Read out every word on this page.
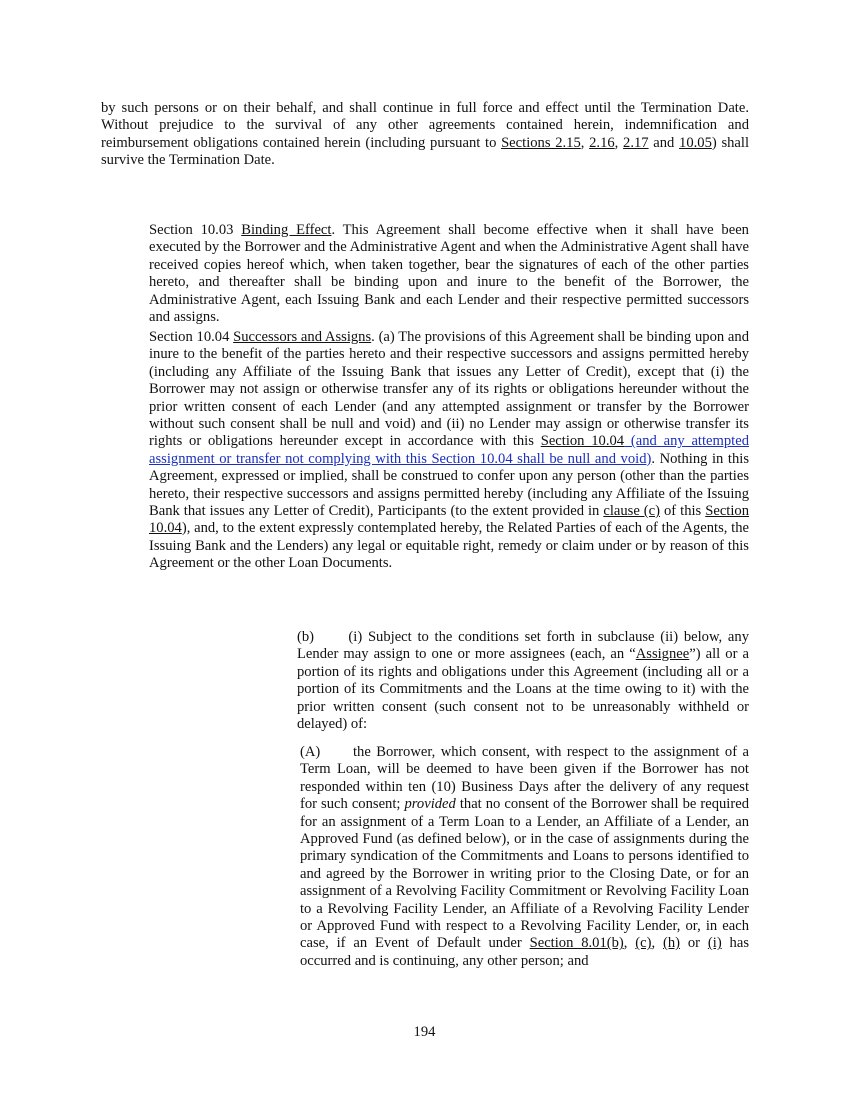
by such persons or on their behalf, and shall continue in full force and effect until the Termination Date. Without prejudice to the survival of any other agreements contained herein, indemnification and reimbursement obligations contained herein (including pursuant to Sections 2.15, 2.16, 2.17 and 10.05) shall survive the Termination Date.

Section 10.03 Binding Effect. This Agreement shall become effective when it shall have been executed by the Borrower and the Administrative Agent and when the Administrative Agent shall have received copies hereof which, when taken together, bear the signatures of each of the other parties hereto, and thereafter shall be binding upon and inure to the benefit of the Borrower, the Administrative Agent, each Issuing Bank and each Lender and their respective permitted successors and assigns.

Section 10.04 Successors and Assigns. (a) The provisions of this Agreement shall be binding upon and inure to the benefit of the parties hereto and their respective successors and assigns permitted hereby (including any Affiliate of the Issuing Bank that issues any Letter of Credit), except that (i) the Borrower may not assign or otherwise transfer any of its rights or obligations hereunder without the prior written consent of each Lender (and any attempted assignment or transfer by the Borrower without such consent shall be null and void) and (ii) no Lender may assign or otherwise transfer its rights or obligations hereunder except in accordance with this Section 10.04 (and any attempted assignment or transfer not complying with this Section 10.04 shall be null and void). Nothing in this Agreement, expressed or implied, shall be construed to confer upon any person (other than the parties hereto, their respective successors and assigns permitted hereby (including any Affiliate of the Issuing Bank that issues any Letter of Credit), Participants (to the extent provided in clause (c) of this Section 10.04), and, to the extent expressly contemplated hereby, the Related Parties of each of the Agents, the Issuing Bank and the Lenders) any legal or equitable right, remedy or claim under or by reason of this Agreement or the other Loan Documents.

(b)      (i) Subject to the conditions set forth in subclause (ii) below, any Lender may assign to one or more assignees (each, an “Assignee”) all or a portion of its rights and obligations under this Agreement (including all or a portion of its Commitments and the Loans at the time owing to it) with the prior written consent (such consent not to be unreasonably withheld or delayed) of:

(A)      the Borrower, which consent, with respect to the assignment of a Term Loan, will be deemed to have been given if the Borrower has not responded within ten (10) Business Days after the delivery of any request for such consent; provided that no consent of the Borrower shall be required for an assignment of a Term Loan to a Lender, an Affiliate of a Lender, an Approved Fund (as defined below), or in the case of assignments during the primary syndication of the Commitments and Loans to persons identified to and agreed by the Borrower in writing prior to the Closing Date, or for an assignment of a Revolving Facility Commitment or Revolving Facility Loan to a Revolving Facility Lender, an Affiliate of a Revolving Facility Lender or Approved Fund with respect to a Revolving Facility Lender, or, in each case, if an Event of Default under Section 8.01(b), (c), (h) or (i) has occurred and is continuing, any other person; and

194
